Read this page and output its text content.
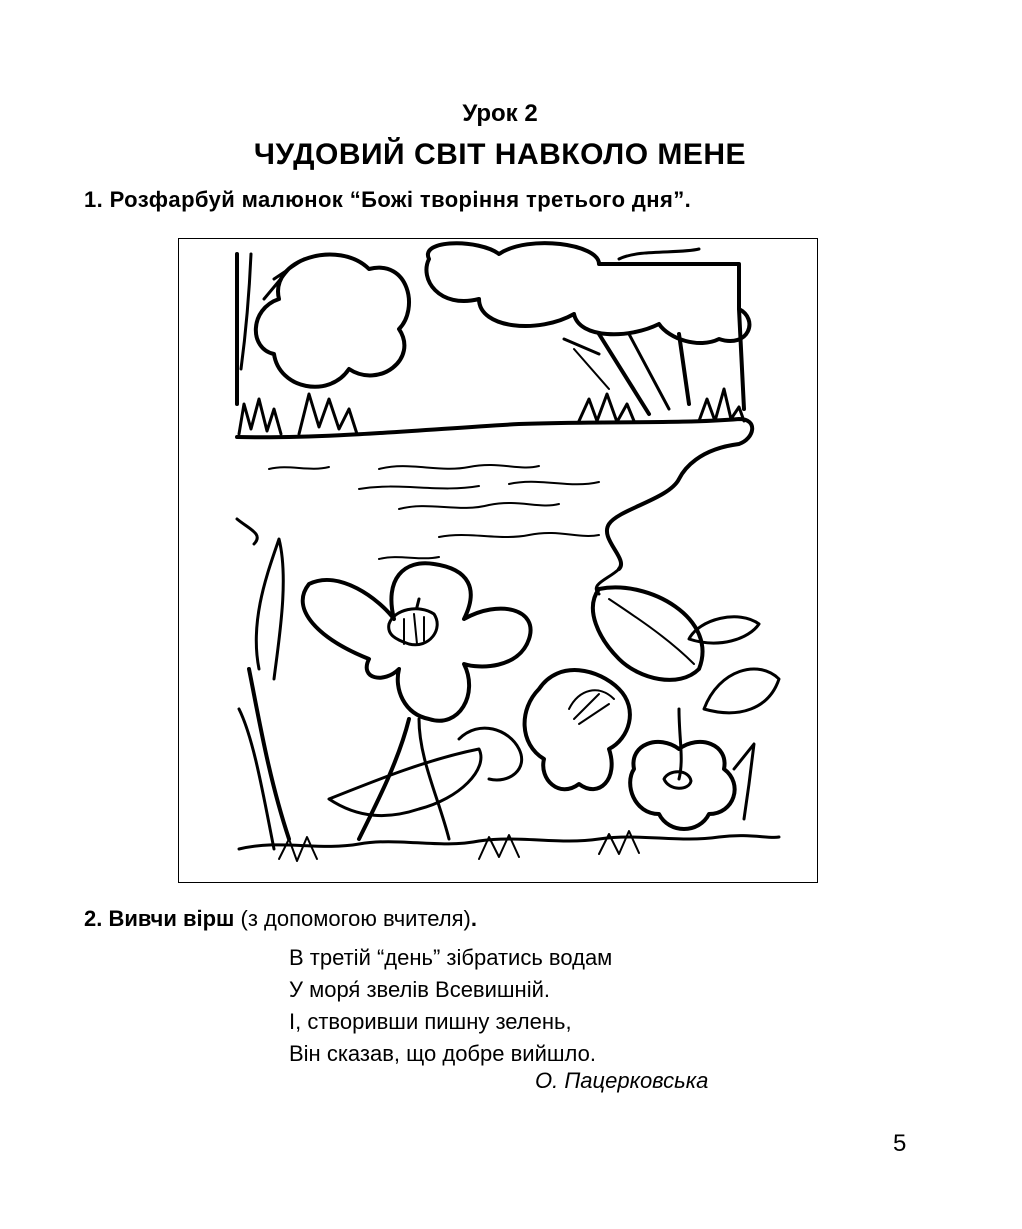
Урок 2
ЧУДОВИЙ СВІТ НАВКОЛО МЕНЕ
1. Розфарбуй малюнок “Божі творіння третього дня”.
2. Вивчи вірш (з допомогою вчителя).
В третій “день” зібратись водам
У моря́ звелів Всевишній.
І, створивши пишну зелень,
Він сказав, що добре вийшло.
О. Пацерковська
5
